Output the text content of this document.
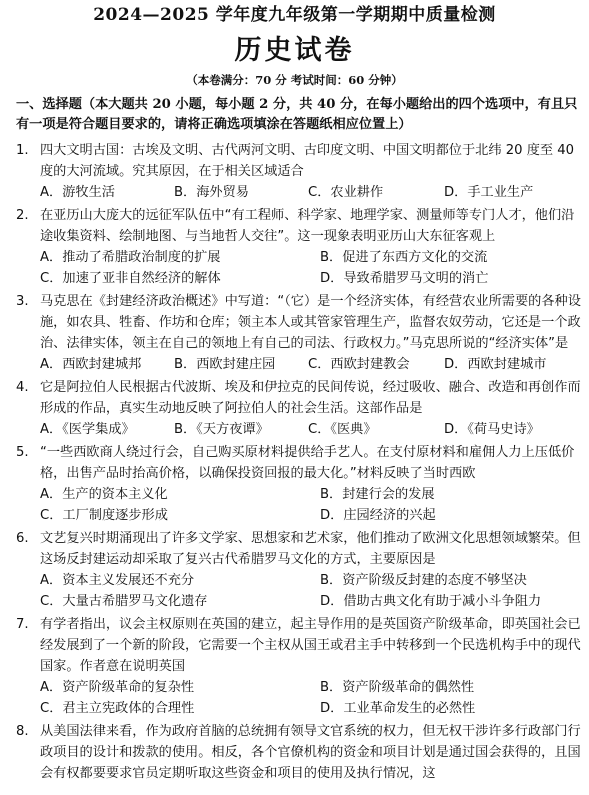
2024—2025 学年度九年级第一学期期中质量检测
历史试卷
（本卷满分：70 分 考试时间：60 分钟）
一、选择题（本大题共 20 小题，每小题 2 分，共 40 分，在每小题给出的四个选项中，有且只有一项是符合题目要求的，请将正确选项填涂在答题纸相应位置上）
1. 四大文明古国：古埃及文明、古代两河文明、古印度文明、中国文明都位于北纬 20 度至 40 度的大河流域。究其原因，在于相关区域适合
A．游牧生活	B．海外贸易	C．农业耕作	D．手工业生产
2. 在亚历山大庞大的远征军队伍中“有工程师、科学家、地理学家、测量师等专门人才，他们沿途收集资料、绘制地图、与当地哲人交往”。这一现象表明亚历山大东征客观上
A．推动了希腊政治制度的扩展	B．促进了东西方文化的交流
C．加速了亚非自然经济的解体	D．导致希腊罗马文明的消亡
3. 马克思在《封建经济政治概述》中写道：“（它）是一个经济实体，有经营农业所需要的各种设施，如农具、牲畜、作坊和仓库；领主本人或其管家管理生产，监督农奴劳动，它还是一个政治、法律实体，领主在自己的领地上有自己的司法、行政权力。”马克思所说的“经济实体”是
A．西欧封建城邦	B．西欧封建庄园	C．西欧封建教会	D．西欧封建城市
4. 它是阿拉伯人民根据古代波斯、埃及和伊拉克的民间传说，经过吸收、融合、改造和再创作而形成的作品，真实生动地反映了阿拉伯人的社会生活。这部作品是
A．《医学集成》	B．《天方夜谭》	C．《医典》	D．《荷马史诗》
5. “一些西欧商人绕过行会，自己购买原材料提供给手艺人。在支付原材料和雇佣人力上压低价格，出售产品时抬高价格，以确保投资回报的最大化。”材料反映了当时西欧
A．生产的资本主义化	B．封建行会的发展
C．工厂制度逐步形成	D．庄园经济的兴起
6. 文艺复兴时期涌现出了许多文学家、思想家和艺术家，他们推动了欧洲文化思想领域繁荣。但这场反封建运动却采取了复兴古代希腊罗马文化的方式，主要原因是
A．资本主义发展还不充分	B．资产阶级反封建的态度不够坚决
C．大量古希腊罗马文化遗存	D．借助古典文化有助于减小斗争阻力
7. 有学者指出，议会主权原则在英国的建立，起主导作用的是英国资产阶级革命，即英国社会已经发展到了一个新的阶段，它需要一个主权从国王或君主手中转移到一个民选机构手中的现代国家。作者意在说明英国
A．资产阶级革命的复杂性	B．资产阶级革命的偶然性
C．君主立宪政体的合理性	D．工业革命发生的必然性
8. 从美国法律来看，作为政府首脑的总统拥有领导文官系统的权力，但无权干涉许多行政部门行政项目的设计和拨款的使用。相反，各个官僚机构的资金和项目计划是通过国会获得的，且国会有权都要要求官员定期听取这些资金和项目的使用及执行情况，这
